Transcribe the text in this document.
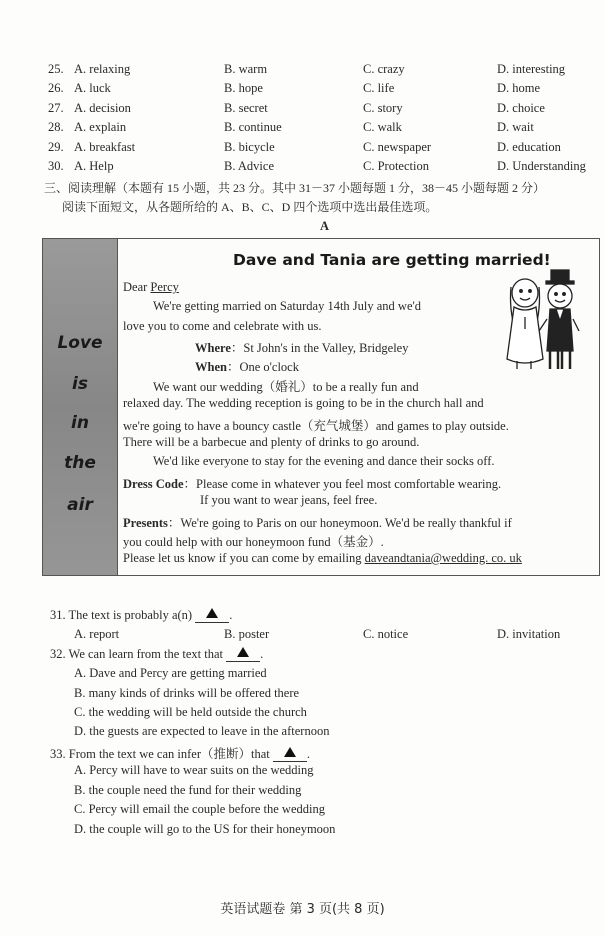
25. A. relaxing	B. warm	C. crazy	D. interesting
26. A. luck	B. hope	C. life	D. home
27. A. decision	B. secret	C. story	D. choice
28. A. explain	B. continue	C. walk	D. wait
29. A. breakfast	B. bicycle	C. newspaper	D. education
30. A. Help	B. Advice	C. Protection	D. Understanding
三、阅读理解（本题有 15 小题，共 23 分。其中 31－37 小题每题 1 分，38－45 小题每题 2 分）
阅读下面短文，从各题所给的 A、B、C、D 四个选项中选出最佳选项。
A
Love
is
in
the
air
Dave and Tania are getting married!
Dear Percy
We're getting married on Saturday 14th July and we'd
love you to come and celebrate with us.
Where：St John's in the Valley, Bridgeley
When：One o'clock
We want our wedding（婚礼）to be a really fun and
relaxed day. The wedding reception is going to be in the church hall and
we're going to have a bouncy castle（充气城堡）and games to play outside.
There will be a barbecue and plenty of drinks to go around.
We'd like everyone to stay for the evening and dance their socks off.
Dress Code：Please come in whatever you feel most comfortable wearing.
If you want to wear jeans, feel free.
Presents：We're going to Paris on our honeymoon. We'd be really thankful if
you could help with our honeymoon fund（基金）.
Please let us know if you can come by emailing daveandtania@wedding. co. uk
31. The text is probably a(n)	.
A. report	B. poster	C. notice	D. invitation
32. We can learn from the text that	.
A. Dave and Percy are getting married
B. many kinds of drinks will be offered there
C. the wedding will be held outside the church
D. the guests are expected to leave in the afternoon
33. From the text we can infer（推断）that	.
A. Percy will have to wear suits on the wedding
B. the couple need the fund for their wedding
C. Percy will email the couple before the wedding
D. the couple will go to the US for their honeymoon
英语试题卷 第 3 页(共 8 页)
